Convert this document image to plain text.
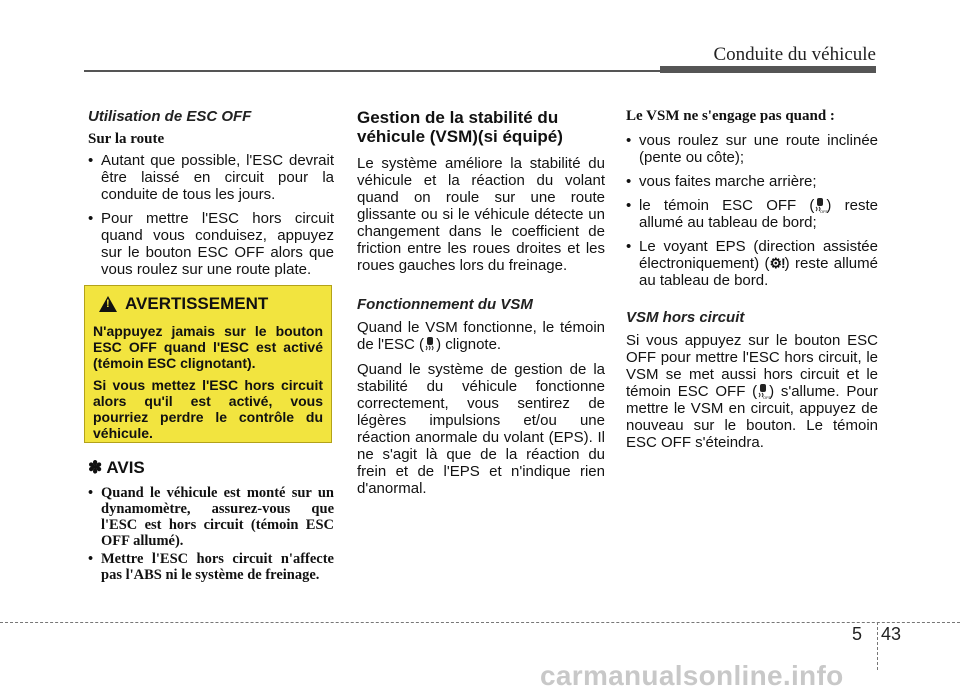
Conduite du véhicule
Utilisation de ESC OFF
Sur la route
• Autant que possible, l'ESC devrait être laissé en circuit pour la conduite de tous les jours.
• Pour mettre l'ESC hors circuit quand vous conduisez, appuyez sur le bouton ESC OFF alors que vous roulez sur une route plate.
!
AVERTISSEMENT

N'appuyez jamais sur le bouton ESC OFF quand l'ESC est activé (témoin ESC clignotant).

Si vous mettez l'ESC hors circuit alors qu'il est activé, vous pourriez perdre le contrôle du véhicule.

✽ AVIS
• Quand le véhicule est monté sur un dynamomètre, assurez-vous que l'ESC est hors circuit (témoin ESC OFF allumé).
• Mettre l'ESC hors circuit n'affecte pas l'ABS ni le système de freinage.
Gestion de la stabilité du véhicule (VSM)(si équipé)

Le système améliore la stabilité du véhicule et la réaction du volant quand on roule sur une route glissante ou si le véhicule détecte un changement dans le coefficient de friction entre les roues droites et les roues gauches lors du freinage.

Fonctionnement du VSM

Quand le VSM fonctionne, le témoin de l'ESC ( ) clignote.

Quand le système de gestion de la stabilité du véhicule fonctionne correctement, vous sentirez de légères impulsions et/ou une réaction anormale du volant (EPS). Il ne s'agit là que de la réaction du frein et de l'EPS et n'indique rien d'anormal.

Le VSM ne s'engage pas quand :
• vous roulez sur une route inclinée (pente ou côte);
• vous faites marche arrière;
• le témoin ESC OFF ( OFF
) reste allumé au tableau de bord;
• Le voyant EPS (direction assistée électroniquement) (⚙!) reste allumé au tableau de bord.
VSM hors circuit

Si vous appuyez sur le bouton ESC OFF pour mettre l'ESC hors circuit, le VSM se met aussi hors circuit et le témoin ESC OFF ( OFF
) s'allume. Pour mettre le VSM en circuit, appuyez de nouveau sur le bouton. Le témoin ESC OFF s'éteindra.

5 43
carmanualsonline.info
